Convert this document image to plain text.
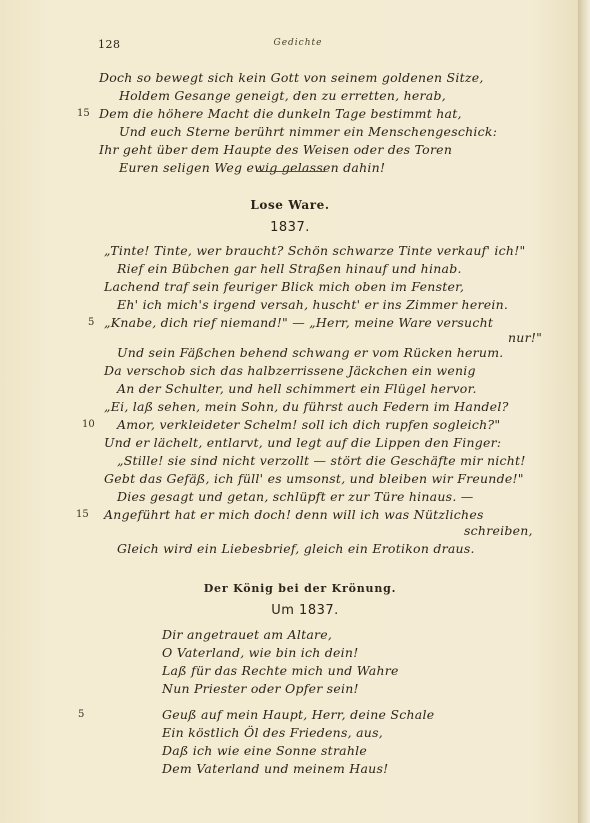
128	Gedichte
Doch so bewegt sich kein Gott von seinem goldenen Sitze,
Holdem Gesange geneigt, den zu erretten, herab,
15 Dem die höhere Macht die dunkeln Tage bestimmt hat,
Und euch Sterne berührt nimmer ein Menschengeschick:
Ihr geht über dem Haupte des Weisen oder des Toren
Euren seligen Weg ewig gelassen dahin!
Lose Ware.
1837.
„Tinte! Tinte, wer braucht? Schön schwarze Tinte verkauf' ich!"
Rief ein Bübchen gar hell Straßen hinauf und hinab.
Lachend traf sein feuriger Blick mich oben im Fenster,
Eh' ich mich's irgend versah, huscht' er ins Zimmer herein.
5 „Knabe, dich rief niemand!" — „Herr, meine Ware versucht
nur!"
Und sein Fäßchen behend schwang er vom Rücken herum.
Da verschob sich das halbzerrissene Jäckchen ein wenig
An der Schulter, und hell schimmert ein Flügel hervor.
„Ei, laß sehen, mein Sohn, du führst auch Federn im Handel?
10 Amor, verkleideter Schelm! soll ich dich rupfen sogleich?"
Und er lächelt, entlarvt, und legt auf die Lippen den Finger:
„Stille! sie sind nicht verzollt — stört die Geschäfte mir nicht!
Gebt das Gefäß, ich füll' es umsonst, und bleiben wir Freunde!"
Dies gesagt und getan, schlüpft er zur Türe hinaus. —
15 Angeführt hat er mich doch! denn will ich was Nützliches
schreiben,
Gleich wird ein Liebesbrief, gleich ein Erotikon draus.
Der König bei der Krönung.
Um 1837.
Dir angetrauet am Altare,
O Vaterland, wie bin ich dein!
Laß für das Rechte mich und Wahre
Nun Priester oder Opfer sein!
5	Geuß auf mein Haupt, Herr, deine Schale
Ein köstlich Öl des Friedens, aus,
Daß ich wie eine Sonne strahle
Dem Vaterland und meinem Haus!
